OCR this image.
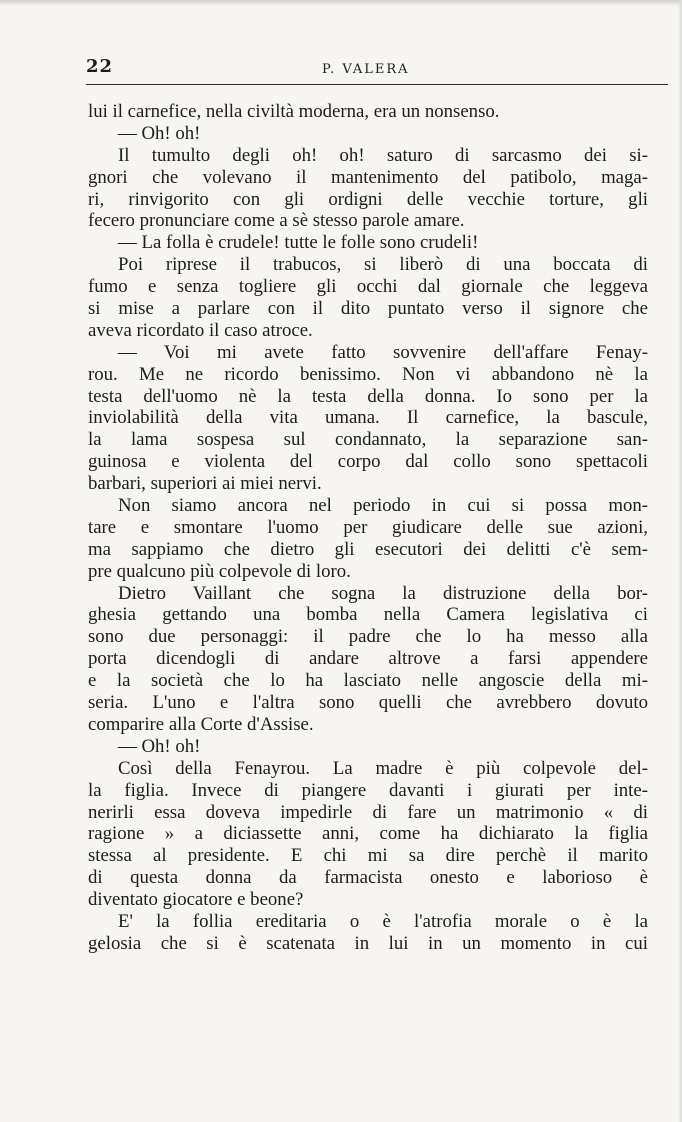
22	P. VALERA
lui il carnefice, nella civiltà moderna, era un nonsenso.
— Oh! oh!
Il tumulto degli oh! oh! saturo di sarcasmo dei si-
gnori che volevano il mantenimento del patibolo, maga-
ri, rinvigorito con gli ordigni delle vecchie torture, gli
fecero pronunciare come a sè stesso parole amare.
— La folla è crudele! tutte le folle sono crudeli!
Poi riprese il trabucos, si liberò di una boccata di
fumo e senza togliere gli occhi dal giornale che leggeva
si mise a parlare con il dito puntato verso il signore che
aveva ricordato il caso atroce.
— Voi mi avete fatto sovvenire dell'affare Fenay-
rou. Me ne ricordo benissimo. Non vi abbandono nè la
testa dell'uomo nè la testa della donna. Io sono per la
inviolabilità della vita umana. Il carnefice, la bascule,
la lama sospesa sul condannato, la separazione san-
guinosa e violenta del corpo dal collo sono spettacoli
barbari, superiori ai miei nervi.
Non siamo ancora nel periodo in cui si possa mon-
tare e smontare l'uomo per giudicare delle sue azioni,
ma sappiamo che dietro gli esecutori dei delitti c'è sem-
pre qualcuno più colpevole di loro.
Dietro Vaillant che sogna la distruzione della bor-
ghesia gettando una bomba nella Camera legislativa ci
sono due personaggi: il padre che lo ha messo alla
porta dicendogli di andare altrove a farsi appendere
e la società che lo ha lasciato nelle angoscie della mi-
seria. L'uno e l'altra sono quelli che avrebbero dovuto
comparire alla Corte d'Assise.
— Oh! oh!
Così della Fenayrou. La madre è più colpevole del-
la figlia. Invece di piangere davanti i giurati per inte-
nerirli essa doveva impedirle di fare un matrimonio « di
ragione » a diciassette anni, come ha dichiarato la figlia
stessa al presidente. E chi mi sa dire perchè il marito
di questa donna da farmacista onesto e laborioso è
diventato giocatore e beone?
E' la follia ereditaria o è l'atrofia morale o è la
gelosia che si è scatenata in lui in un momento in cui
